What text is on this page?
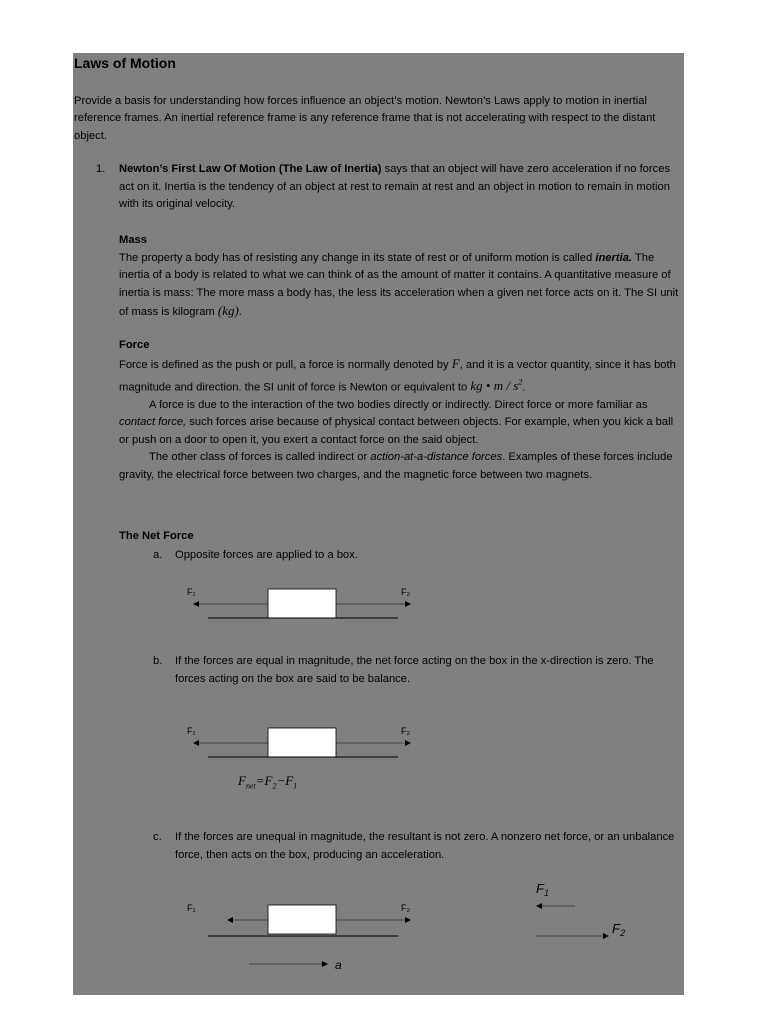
Laws of Motion

Provide a basis for understanding how forces influence an object’s motion. Newton’s Laws apply to motion in inertial reference frames. An inertial reference frame is any reference frame that is not accelerating with respect to the distant object.

1. Newton’s First Law Of Motion (The Law of Inertia) says that an object will have zero acceleration if no forces act on it. Inertia is the tendency of an object at rest to remain at rest and an object in motion to remain in motion with its original velocity.
Mass

The property a body has of resisting any change in its state of rest or of uniform motion is called inertia. The inertia of a body is related to what we can think of as the amount of matter it contains. A quantitative measure of inertia is mass: The more mass a body has, the less its acceleration when a given net force acts on it. The SI unit of mass is kilogram (kg).

Force

Force is defined as the push or pull, a force is normally denoted by F, and it is a vector quantity, since it has both magnitude and direction. the SI unit of force is Newton or equivalent to kg • m / $s^2$.

A force is due to the interaction of the two bodies directly or indirectly. Direct force or more familiar as contact force, such forces arise because of physical contact between objects. For example, when you kick a ball or push on a door to open it, you exert a contact force on the said object.

The other class of forces is called indirect or action-at-a-distance forces. Examples of these forces include gravity, the electrical force between two charges, and the magnetic force between two magnets.

The Net Force
a. Opposite forces are applied to a box.
F₁	F₂
b. If the forces are equal in magnitude, the net force acting on the box in the x-direction is zero. The forces acting on the box are said to be balance.
F₁	F₂
$F_{net}=F_2-F_1$
c. If the forces are unequal in magnitude, the resultant is not zero. A nonzero net force, or an unbalance force, then acts on the box, producing an acceleration.
F₁	F₂
a
$F_1$
$F_2$
